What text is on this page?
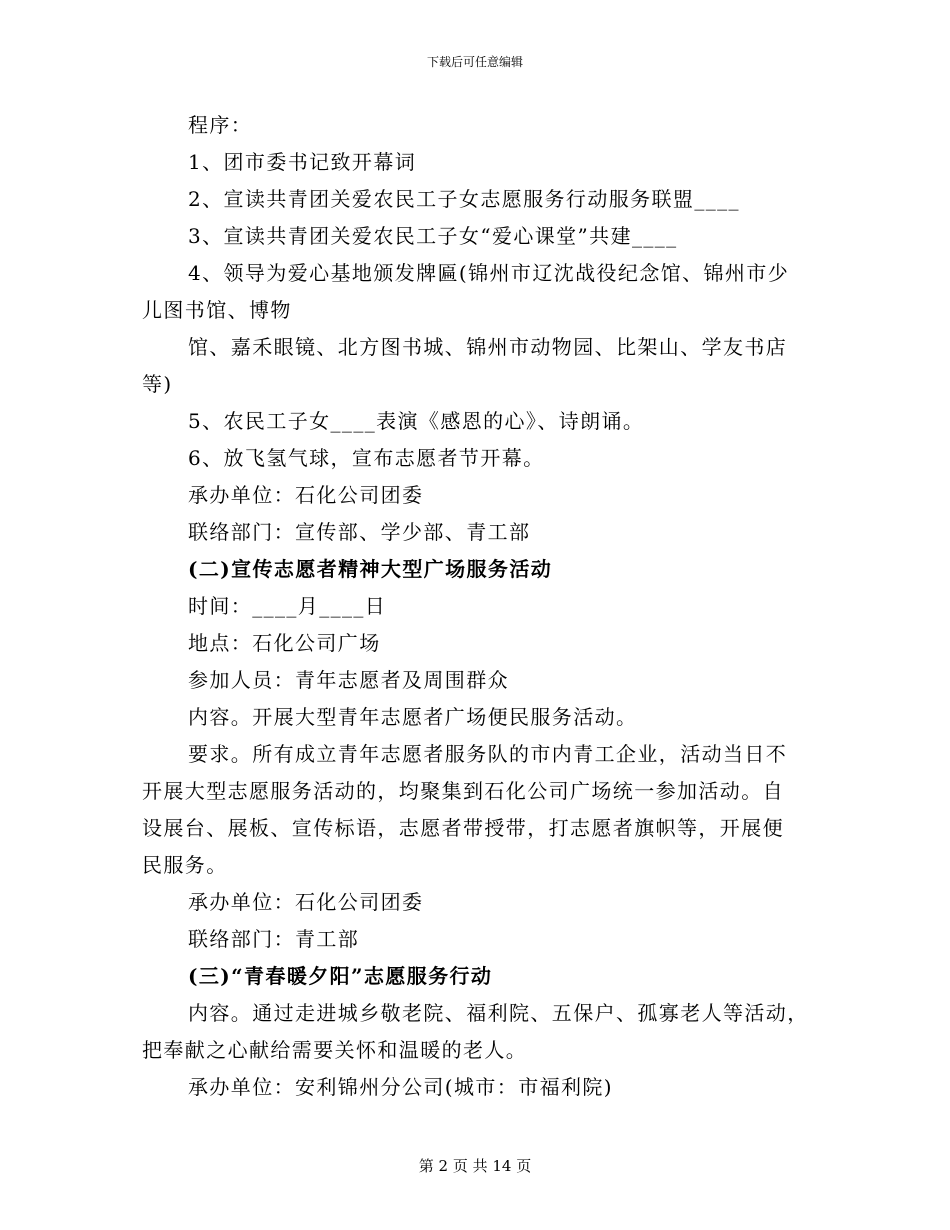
下载后可任意编辑
程序：
1、团市委书记致开幕词
2、宣读共青团关爱农民工子女志愿服务行动服务联盟____
3、宣读共青团关爱农民工子女“爱心课堂”共建____
4、领导为爱心基地颁发牌匾(锦州市辽沈战役纪念馆、锦州市少
儿图书馆、博物
馆、嘉禾眼镜、北方图书城、锦州市动物园、比架山、学友书店
等)
5、农民工子女____表演《感恩的心》、诗朗诵。
6、放飞氢气球，宣布志愿者节开幕。
承办单位：石化公司团委
联络部门：宣传部、学少部、青工部
(二)宣传志愿者精神大型广场服务活动
时间：____月____日
地点：石化公司广场
参加人员：青年志愿者及周围群众
内容。开展大型青年志愿者广场便民服务活动。
要求。所有成立青年志愿者服务队的市内青工企业，活动当日不
开展大型志愿服务活动的，均聚集到石化公司广场统一参加活动。自
设展台、展板、宣传标语，志愿者带授带，打志愿者旗帜等，开展便
民服务。
承办单位：石化公司团委
联络部门：青工部
(三)“青春暖夕阳”志愿服务行动
内容。通过走进城乡敬老院、福利院、五保户、孤寡老人等活动，
把奉献之心献给需要关怀和温暖的老人。
承办单位：安利锦州分公司(城市：市福利院)
第 2 页 共 14 页
